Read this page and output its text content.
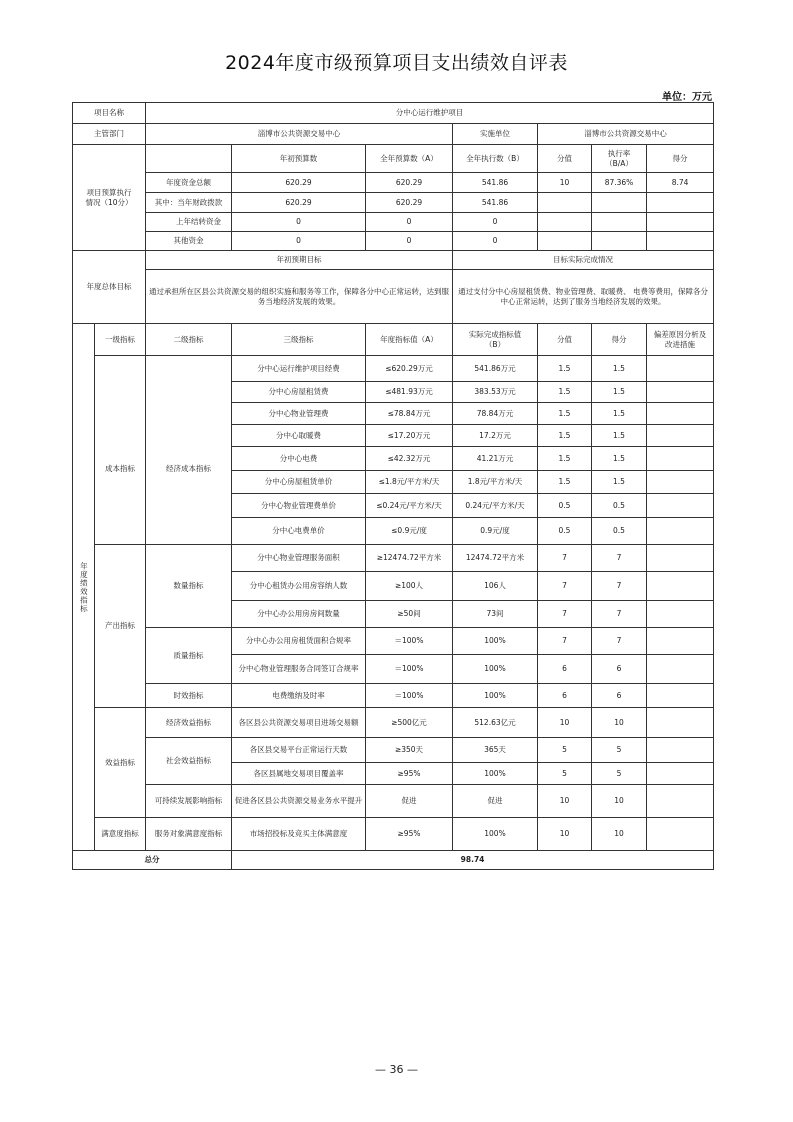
2024年度市级预算项目支出绩效自评表
单位：万元
项目名称		分中心运行维护项目						
主管部门		淄博市公共资源交易中心			实施单位	淄博市公共资源交易中心		
项目预算执行情况（10分）			年初预算数	全年预算数（A）	全年执行数（B）	分值	执行率（B/A）	得分
		年度资金总额	620.29	620.29	541.86	10	87.36%	8.74
		其中：当年财政拨款	620.29	620.29	541.86			
		上年结转资金	0	0	0			
		其他资金	0	0	0			
年度总体目标		年初预期目标			目标实际完成情况			
		通过承担所在区县公共资源交易的组织实施和服务等工作，保障各分中心正常运转，达到服务当地经济发展的效果。			通过支付分中心房屋租赁费、物业管理费、取暖费、 电费等费用，保障各分中心正常运转，达到了服务当地经济发展的效果。			
年度绩效指标	一级指标	二级指标	三级指标	年度指标值（A）	实际完成指标值（B）	分值	得分	偏差原因分析及改进措施
	成本指标	经济成本指标	分中心运行维护项目经费	≤620.29万元	541.86万元	1.5	1.5	
			分中心房屋租赁费	≤481.93万元	383.53万元	1.5	1.5	
			分中心物业管理费	≤78.84万元	78.84万元	1.5	1.5	
			分中心取暖费	≤17.20万元	17.2万元	1.5	1.5	
			分中心电费	≤42.32万元	41.21万元	1.5	1.5	
			分中心房屋租赁单价	≤1.8元/平方米/天	1.8元/平方米/天	1.5	1.5	
			分中心物业管理费单价	≤0.24元/平方米/天	0.24元/平方米/天	0.5	0.5	
			分中心电费单价	≤0.9元/度	0.9元/度	0.5	0.5	
	产出指标	数量指标	分中心物业管理服务面积	≥12474.72平方米	12474.72平方米	7	7	
			分中心租赁办公用房容纳人数	≥100人	106人	7	7	
			分中心办公用房房间数量	≥50间	73间	7	7	
		质量指标	分中心办公用房租赁面积合规率	＝100%	100%	7	7	
			分中心物业管理服务合同签订合规率	＝100%	100%	6	6	
		时效指标	电费缴纳及时率	＝100%	100%	6	6	
	效益指标	经济效益指标	各区县公共资源交易项目进场交易额	≥500亿元	512.63亿元	10	10	
		社会效益指标	各区县交易平台正常运行天数	≥350天	365天	5	5	
			各区县属地交易项目覆盖率	≥95%	100%	5	5	
		可持续发展影响指标	促进各区县公共资源交易业务水平提升	促进	促进	10	10	
	满意度指标	服务对象满意度指标	市场招投标及竞买主体满意度	≥95%	100%	10	10	
总分			98.74					
— 36 —
